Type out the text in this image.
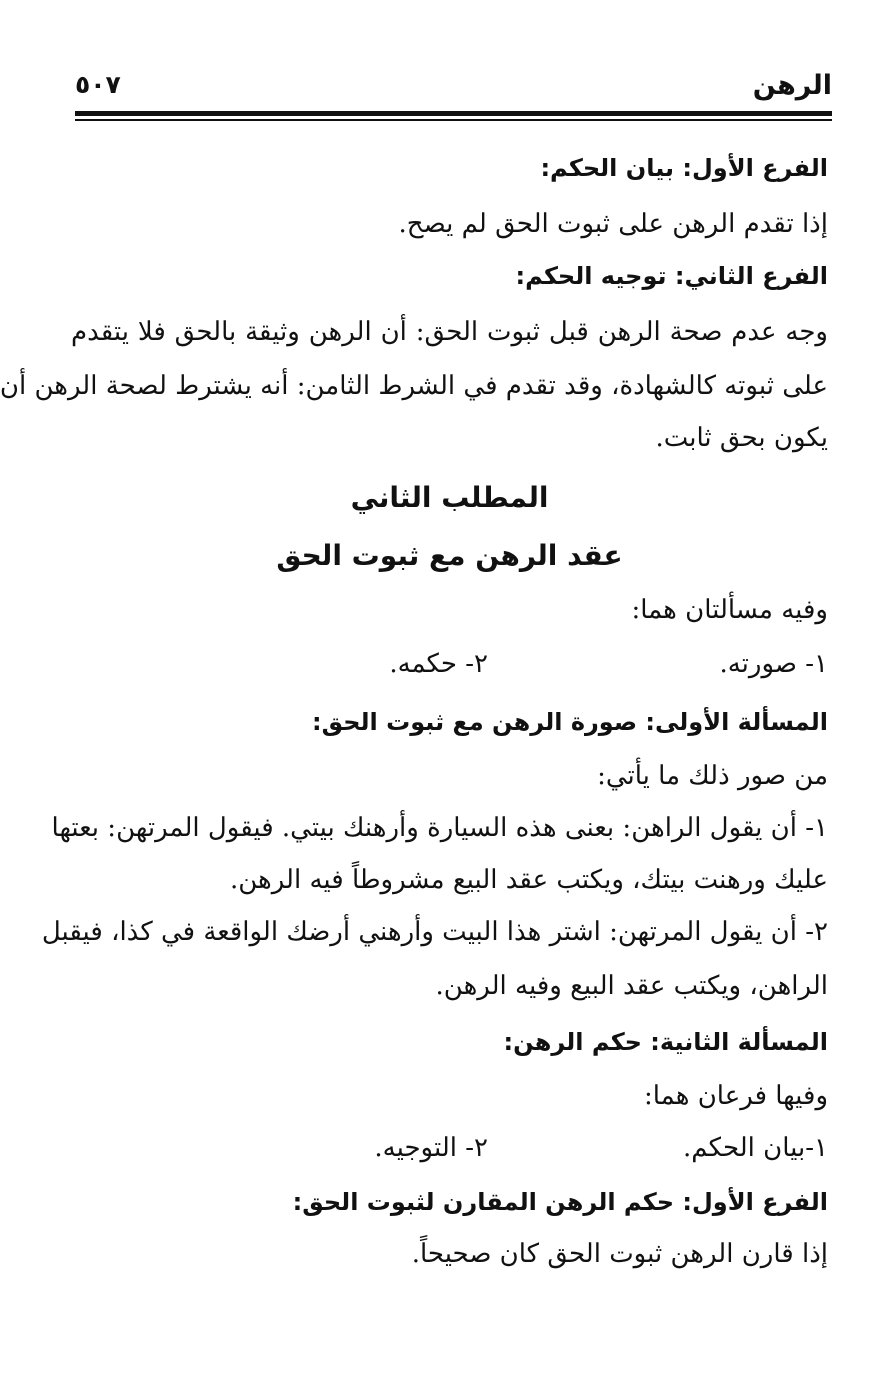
الرهن
٥٠٧
الفرع الأول: بيان الحكم:
إذا تقدم الرهن على ثبوت الحق لم يصح.
الفرع الثاني: توجيه الحكم:
وجه عدم صحة الرهن قبل ثبوت الحق: أن الرهن وثيقة بالحق فلا يتقدم
على ثبوته كالشهادة، وقد تقدم في الشرط الثامن: أنه يشترط لصحة الرهن أن
يكون بحق ثابت.
المطلب الثاني
عقد الرهن مع ثبوت الحق
وفيه مسألتان هما:
١- صورته.
٢- حكمه.
المسألة الأولى: صورة الرهن مع ثبوت الحق:
من صور ذلك ما يأتي:
١- أن يقول الراهن: بعنى هذه السيارة وأرهنك بيتي. فيقول المرتهن: بعتها
عليك ورهنت بيتك، ويكتب عقد البيع مشروطاً فيه الرهن.
٢- أن يقول المرتهن: اشتر هذا البيت وأرهني أرضك الواقعة في كذا، فيقبل
الراهن، ويكتب عقد البيع وفيه الرهن.
المسألة الثانية: حكم الرهن:
وفيها فرعان هما:
١-بيان الحكم.
٢- التوجيه.
الفرع الأول: حكم الرهن المقارن لثبوت الحق:
إذا قارن الرهن ثبوت الحق كان صحيحاً.
